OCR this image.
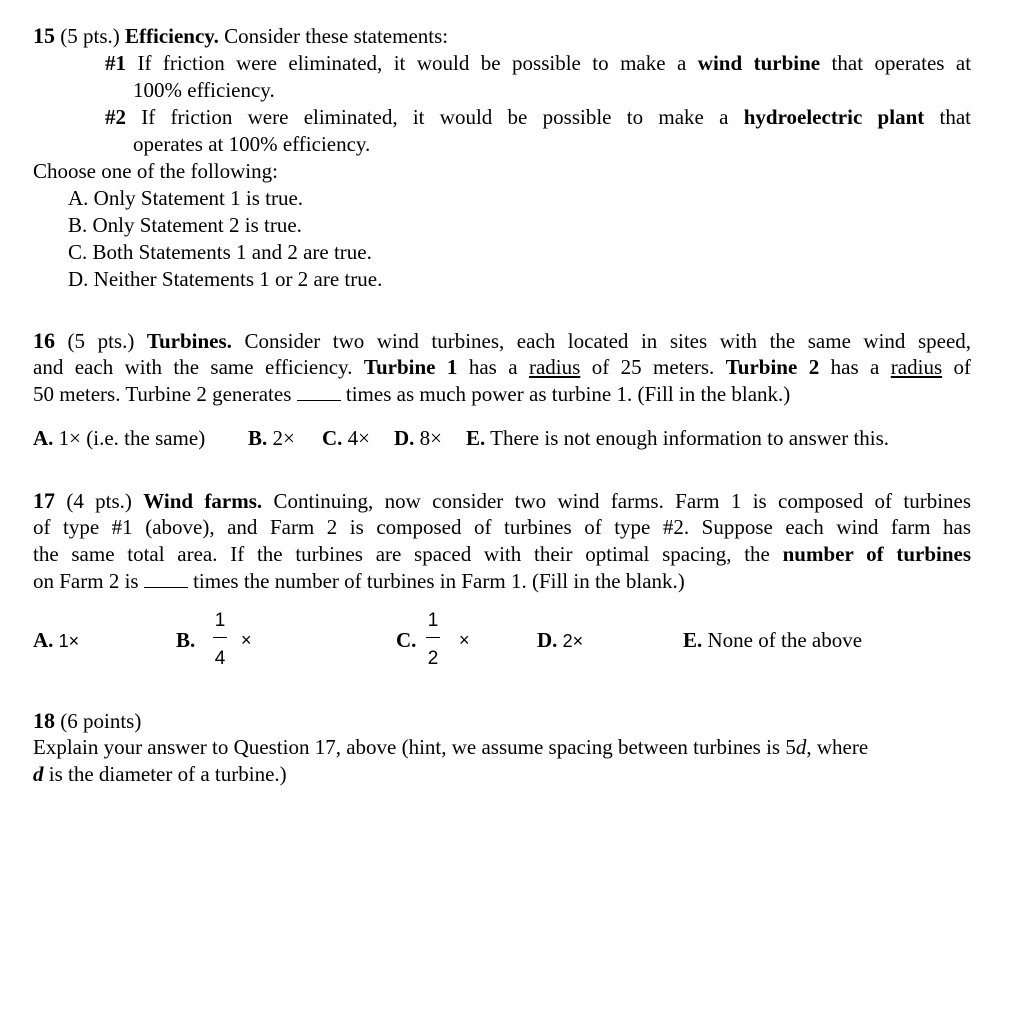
15 (5 pts.) Efficiency. Consider these statements:
#1 If friction were eliminated, it would be possible to make a wind turbine that operates at
100% efficiency.
#2 If friction were eliminated, it would be possible to make a hydroelectric plant that
operates at 100% efficiency.
Choose one of the following:
A. Only Statement 1 is true.
B. Only Statement 2 is true.
C. Both Statements 1 and 2 are true.
D. Neither Statements 1 or 2 are true.
16 (5 pts.) Turbines. Consider two wind turbines, each located in sites with the same wind speed,
and each with the same efficiency. Turbine 1 has a radius of 25 meters. Turbine 2 has a radius of
50 meters. Turbine 2 generates	times as much power as turbine 1. (Fill in the blank.)
A. 1× (i.e. the same) B. 2× C. 4× D. 8× E. There is not enough information to answer this.
17 (4 pts.) Wind farms. Continuing, now consider two wind farms. Farm 1 is composed of turbines
of type #1 (above), and Farm 2 is composed of turbines of type #2. Suppose each wind farm has
the same total area. If the turbines are spaced with their optimal spacing, the number of turbines
on Farm 2 is	times the number of turbines in Farm 1. (Fill in the blank.)
A. 1×	B.
1
4
×	C.
1
2
×	D. 2×	E. None of the above
18 (6 points)
Explain your answer to Question 17, above (hint, we assume spacing between turbines is 5d, where
d is the diameter of a turbine.)
